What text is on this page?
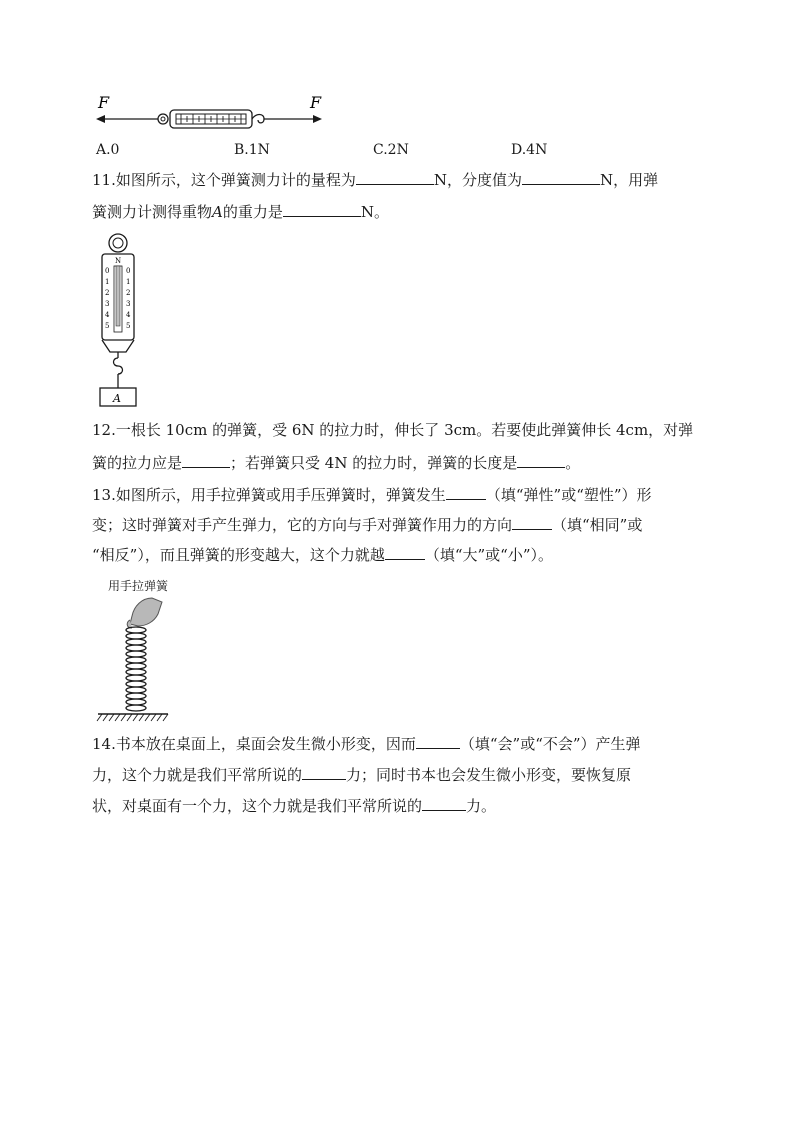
F	F
A.0	B.1N	C.2N	D.4N
11.如图所示，这个弹簧测力计的量程为	N，分度值为	N，用弹
簧测力计测得重物A的重力是	N。
N
0
1
2
3
4
5
0
1
2
3
4
5
A
12.一根长 10cm 的弹簧，受 6N 的拉力时，伸长了 3cm。若要使此弹簧伸长 4cm，对弹
簧的拉力应是	；若弹簧只受 4N 的拉力时，弹簧的长度是	。
13.如图所示，用手拉弹簧或用手压弹簧时，弹簧发生	（填“弹性”或“塑性”）形
变；这时弹簧对手产生弹力，它的方向与手对弹簧作用力的方向	（填“相同”或
“相反”），而且弹簧的形变越大，这个力就越	（填“大”或“小”）。
用手拉弹簧
14.书本放在桌面上，桌面会发生微小形变，因而	（填“会”或“不会”）产生弹
力，这个力就是我们平常所说的	力；同时书本也会发生微小形变，要恢复原
状，对桌面有一个力，这个力就是我们平常所说的	力。
